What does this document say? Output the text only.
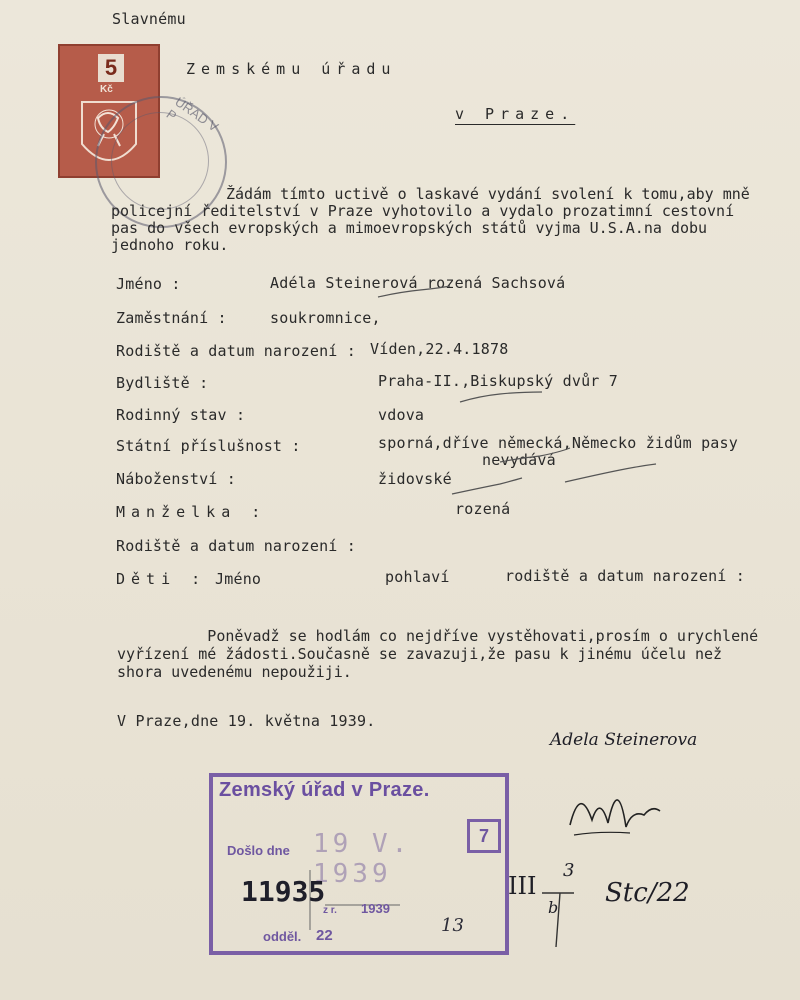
5
Kč
ÚŘAD V P
Slavnému
Zemskému úřadu
v Praze.
Žádám tímto uctivě o laskavé vydání svolení k tomu,aby mně
policejní ředitelství v Praze vyhotovilo a vydalo prozatimní cestovní
pas do všech evropských a mimoevropských států vyjma U.S.A.na dobu
jednoho roku.
Jméno :	Adéla Steinerová rozená Sachsová
Zaměstnání :	soukromnice,
Rodiště a datum narození : Víden,22.4.1878
Bydliště :	Praha-II.,Biskupský dvůr 7
Rodinný stav :	vdova
Státní příslušnost :	sporná,dříve německá,Německo židům pasy
nevydává
Náboženství :	židovské
Manželka :	rozená
Rodiště a datum narození :
Děti : Jméno	pohlaví	rodiště a datum narození :
Poněvadž se hodlám co nejdříve vystěhovati,prosím o urychlené
vyřízení mé žádosti.Současně se zavazuji,že pasu k jinému účelu než
shora uvedenému nepoužiji.
V Praze,dne 19. května 1939.
Zemský úřad v Praze.
7
Došlo dne 19 V. 1939
11935
z r. 1939
odděl. 22	13
Adela Steinerova
Stc/22
III
3
b
